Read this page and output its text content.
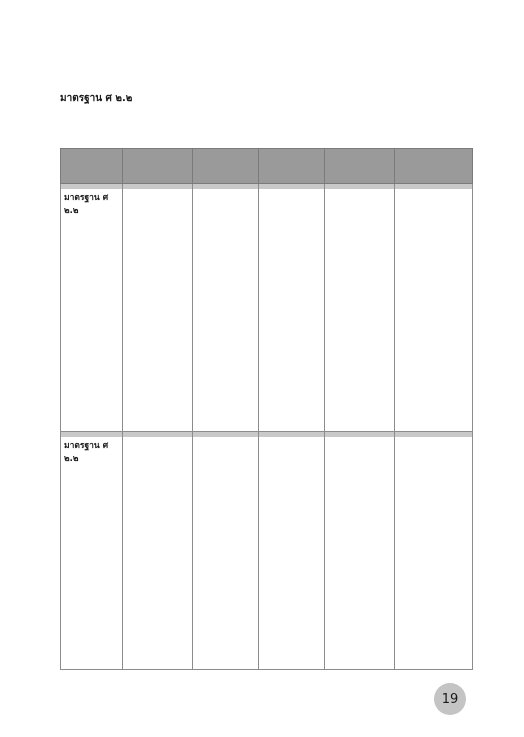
มาตรฐาน ศ ๒.๒

มาตรฐาน ศ ๒.๒					

มาตรฐาน ศ ๒.๒					

19
